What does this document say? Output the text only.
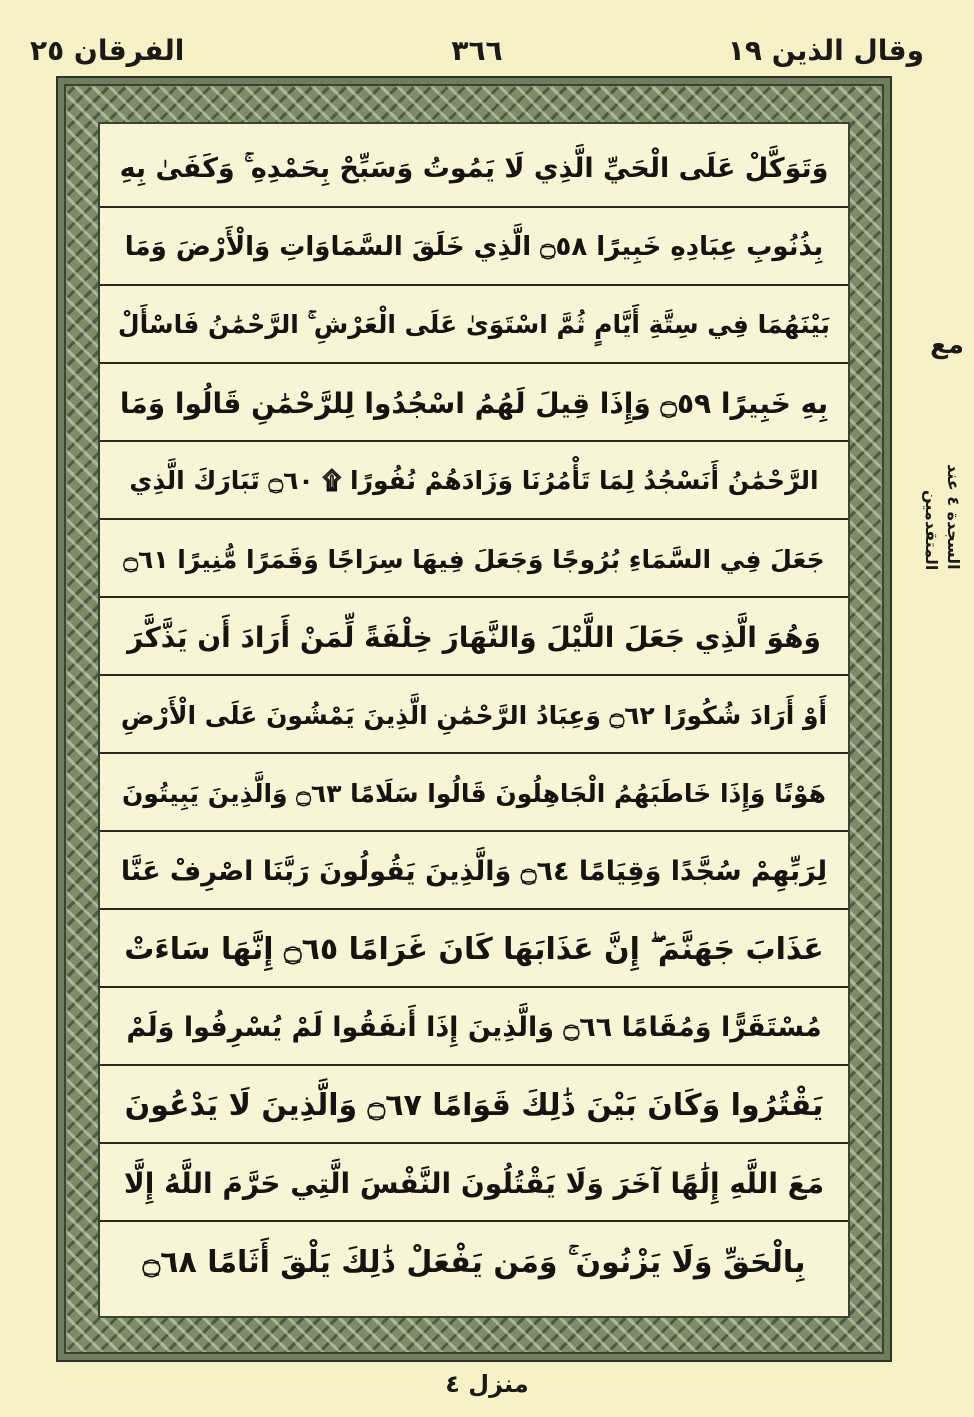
وقال الذين ١٩
٣٦٦
الفرقان ٢٥
وَتَوَكَّلْ عَلَى الْحَيِّ الَّذِي لَا يَمُوتُ وَسَبِّحْ بِحَمْدِهِ ۚ وَكَفَىٰ بِهِ
بِذُنُوبِ عِبَادِهِ خَبِيرًا ۝٥٨ الَّذِي خَلَقَ السَّمَاوَاتِ وَالْأَرْضَ وَمَا
بَيْنَهُمَا فِي سِتَّةِ أَيَّامٍ ثُمَّ اسْتَوَىٰ عَلَى الْعَرْشِ ۚ الرَّحْمَٰنُ فَاسْأَلْ
بِهِ خَبِيرًا ۝٥٩ وَإِذَا قِيلَ لَهُمُ اسْجُدُوا لِلرَّحْمَٰنِ قَالُوا وَمَا
الرَّحْمَٰنُ أَنَسْجُدُ لِمَا تَأْمُرُنَا وَزَادَهُمْ نُفُورًا ۩ ۝٦٠ تَبَارَكَ الَّذِي
جَعَلَ فِي السَّمَاءِ بُرُوجًا وَجَعَلَ فِيهَا سِرَاجًا وَقَمَرًا مُّنِيرًا ۝٦١
وَهُوَ الَّذِي جَعَلَ اللَّيْلَ وَالنَّهَارَ خِلْفَةً لِّمَنْ أَرَادَ أَن يَذَّكَّرَ
أَوْ أَرَادَ شُكُورًا ۝٦٢ وَعِبَادُ الرَّحْمَٰنِ الَّذِينَ يَمْشُونَ عَلَى الْأَرْضِ
هَوْنًا وَإِذَا خَاطَبَهُمُ الْجَاهِلُونَ قَالُوا سَلَامًا ۝٦٣ وَالَّذِينَ يَبِيتُونَ
لِرَبِّهِمْ سُجَّدًا وَقِيَامًا ۝٦٤ وَالَّذِينَ يَقُولُونَ رَبَّنَا اصْرِفْ عَنَّا
عَذَابَ جَهَنَّمَ ۖ إِنَّ عَذَابَهَا كَانَ غَرَامًا ۝٦٥ إِنَّهَا سَاءَتْ
مُسْتَقَرًّا وَمُقَامًا ۝٦٦ وَالَّذِينَ إِذَا أَنفَقُوا لَمْ يُسْرِفُوا وَلَمْ
يَقْتُرُوا وَكَانَ بَيْنَ ذَٰلِكَ قَوَامًا ۝٦٧ وَالَّذِينَ لَا يَدْعُونَ
مَعَ اللَّهِ إِلَٰهًا آخَرَ وَلَا يَقْتُلُونَ النَّفْسَ الَّتِي حَرَّمَ اللَّهُ إِلَّا
بِالْحَقِّ وَلَا يَزْنُونَ ۚ وَمَن يَفْعَلْ ذَٰلِكَ يَلْقَ أَثَامًا ۝٦٨
مع
السجدة ٤ عند المتقدمين
منزل ٤
